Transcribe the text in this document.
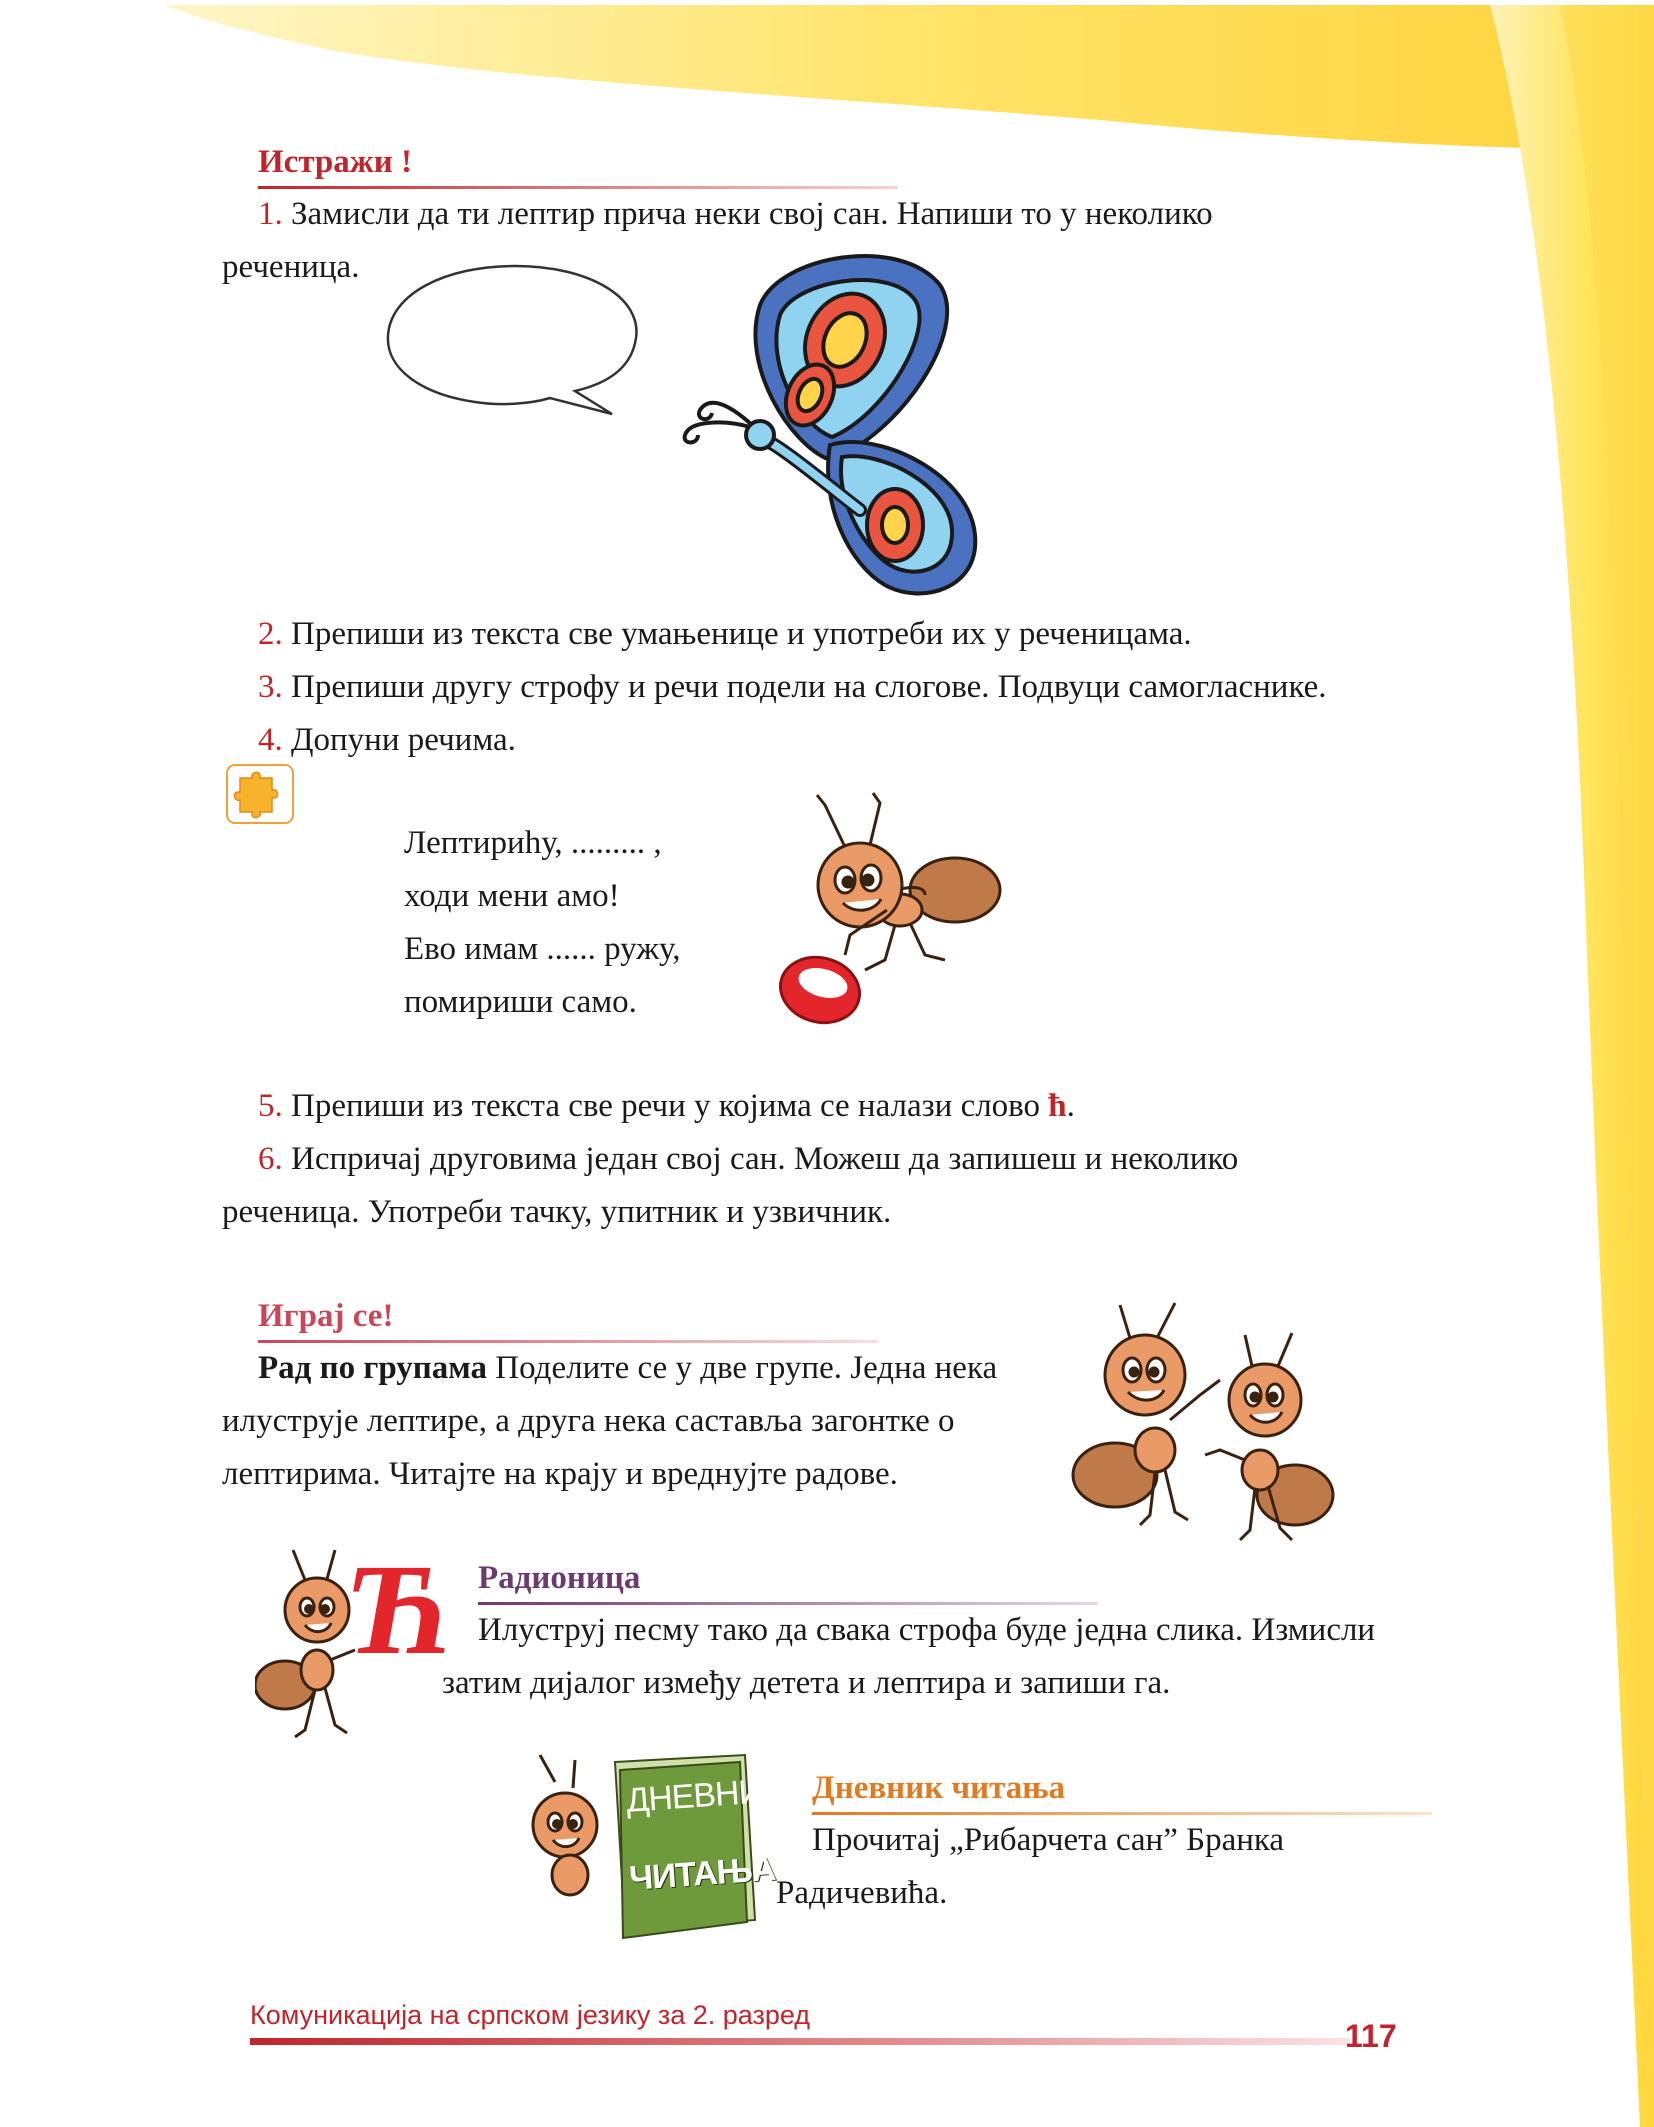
Истражи !
1. Замисли да ти лептир прича неки свој сан. Напиши то у неколико
реченица.
2. Препиши из текста све умањенице и употреби их у реченицама.
3. Препиши другу строфу и речи подели на слогове. Подвуци самогласнике.
4. Допуни речима.
Лептириһу, ......... ,
ходи мени амо!
Ево имам ...... ружу,
помириши само.
5. Препиши из текста све речи у којима се налази слово ћ.
6. Испричај друговима један свој сан. Можеш да запишеш и неколико
реченица. Употреби тачку, упитник и узвичник.
Играј се!
Рад по групама Поделите се у две групе. Једна нека
илуструје лептире, а друга нека саставља загонтке о
лептирима. Читајте на крају и вреднујте радове.
Ћ Радионица
Илуструј песму тако да свака строфа буде једна слика. Измисли
затим дијалог између детета и лептира и запиши га.
ДНЕВНИК
ЧИТАЊА
Дневник читања
Прочитај „Рибарчета сан” Бранка
Радичевића.
Комуникација на српском језику за 2. разред
117
